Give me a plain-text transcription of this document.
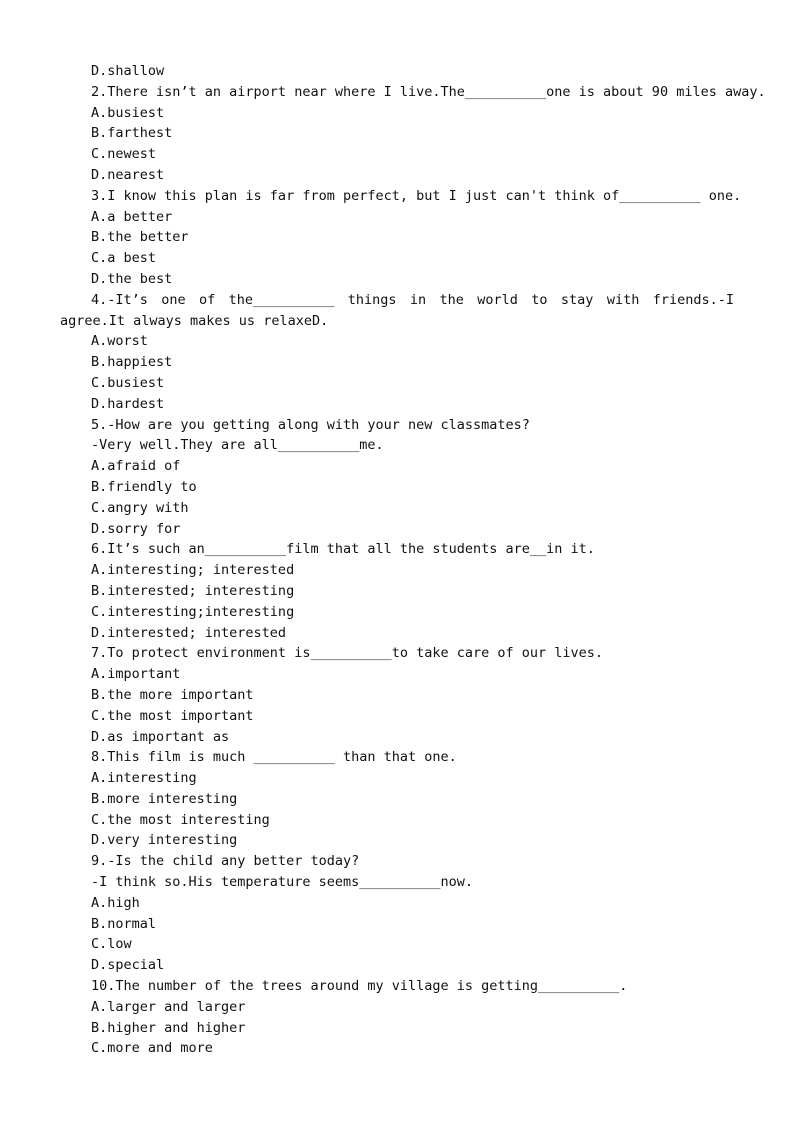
D.shallow
2.There isn’t an airport near where I live.The__________one is about 90 miles away.
A.busiest
B.farthest
C.newest
D.nearest
3.I know this plan is far from perfect, but I just can't think of__________ one.
A.a better
B.the better
C.a best
D.the best
4.-It’s one of the__________ things in the world to stay with friends.-I agree.It always makes us relaxeD.
A.worst
B.happiest
C.busiest
D.hardest
5.-How are you getting along with your new classmates?
-Very well.They are all__________me.
A.afraid of
B.friendly to
C.angry with
D.sorry for
6.It’s such an__________film that all the students are__in it.
A.interesting; interested
B.interested; interesting
C.interesting;interesting
D.interested; interested
7.To protect environment is__________to take care of our lives.
A.important
B.the more important
C.the most important
D.as important as
8.This film is much __________ than that one.
A.interesting
B.more interesting
C.the most interesting
D.very interesting
9.-Is the child any better today?
-I think so.His temperature seems__________now.
A.high
B.normal
C.low
D.special
10.The number of the trees around my village is getting__________.
A.larger and larger
B.higher and higher
C.more and more
